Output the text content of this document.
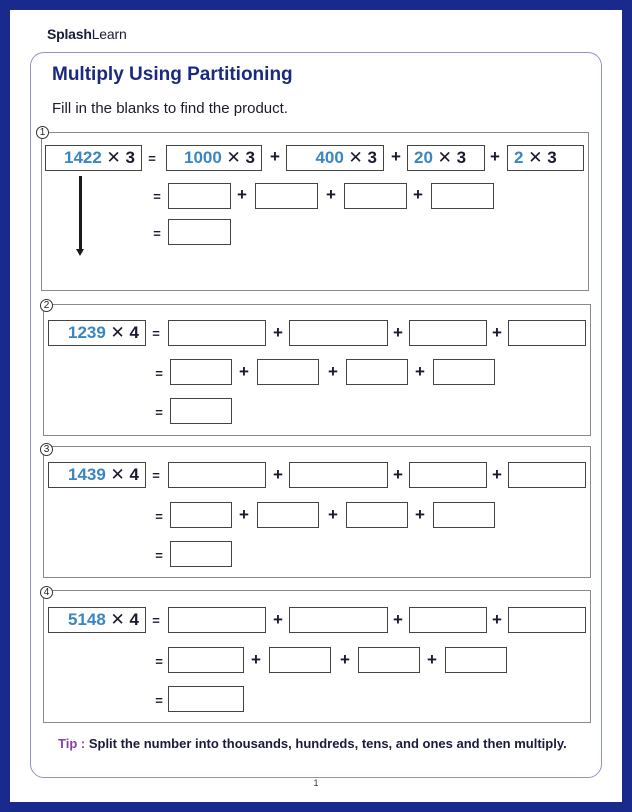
SplashLearn
Multiply Using Partitioning
Fill in the blanks to find the product.
1
1422 ✕ 3	=	1000 ✕ 3 +	400 ✕ 3 + 20 ✕ 3	+ 2 ✕ 3
=	+	+	+
=
2
1239 ✕ 4	=	+	+	+
=	+	+	+
=
3
1439 ✕ 4	=	+	+	+
=	+	+	+
=
4
5148 ✕ 4	=	+	+	+
=	+	+	+
=
Tip : Split the number into thousands, hundreds, tens, and ones and then multiply.
1
